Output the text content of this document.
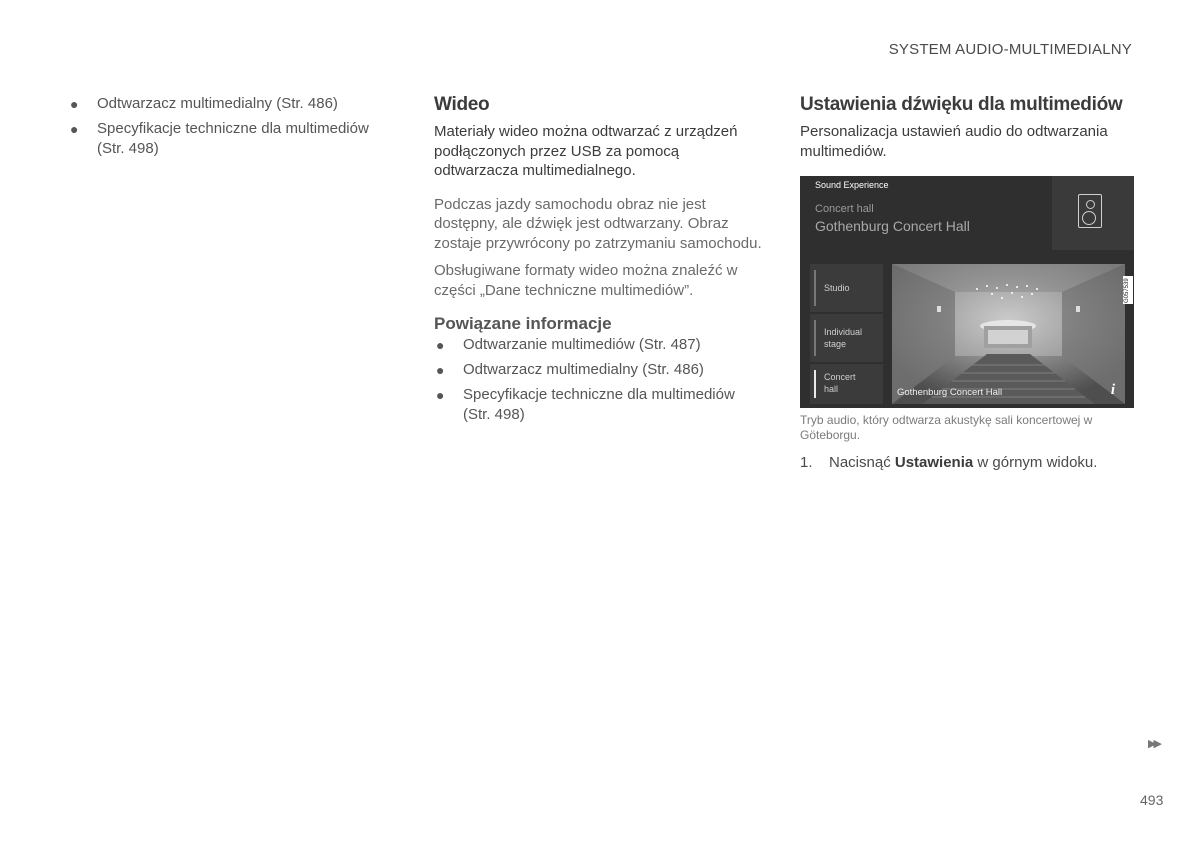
SYSTEM AUDIO-MULTIMEDIALNY
● Odtwarzacz multimedialny (Str. 486)
● Specyfikacje techniczne dla multimediów (Str. 498)
Wideo

Materiały wideo można odtwarzać z urządzeń podłączonych przez USB za pomocą odtwarzacza multimedialnego.

Podczas jazdy samochodu obraz nie jest dostępny, ale dźwięk jest odtwarzany. Obraz zostaje przywrócony po zatrzymaniu samochodu.

Obsługiwane formaty wideo można znaleźć w części „Dane techniczne multimediów”.

Powiązane informacje
● Odtwarzanie multimediów (Str. 487)
● Odtwarzacz multimedialny (Str. 486)
● Specyfikacje techniczne dla multimediów (Str. 498)
Ustawienia dźwięku dla multimediów

Personalizacja ustawień audio do odtwarzania multimediów.

Sound Experience
Concert hall
Gothenburg Concert Hall
Studio
Individual stage
Concert hall	Gothenburg Concert Hall	i
G057539
Tryb audio, który odtwarza akustykę sali koncertowej w Göteborgu.
1. Nacisnąć Ustawienia w górnym widoku.
▶▶
493
